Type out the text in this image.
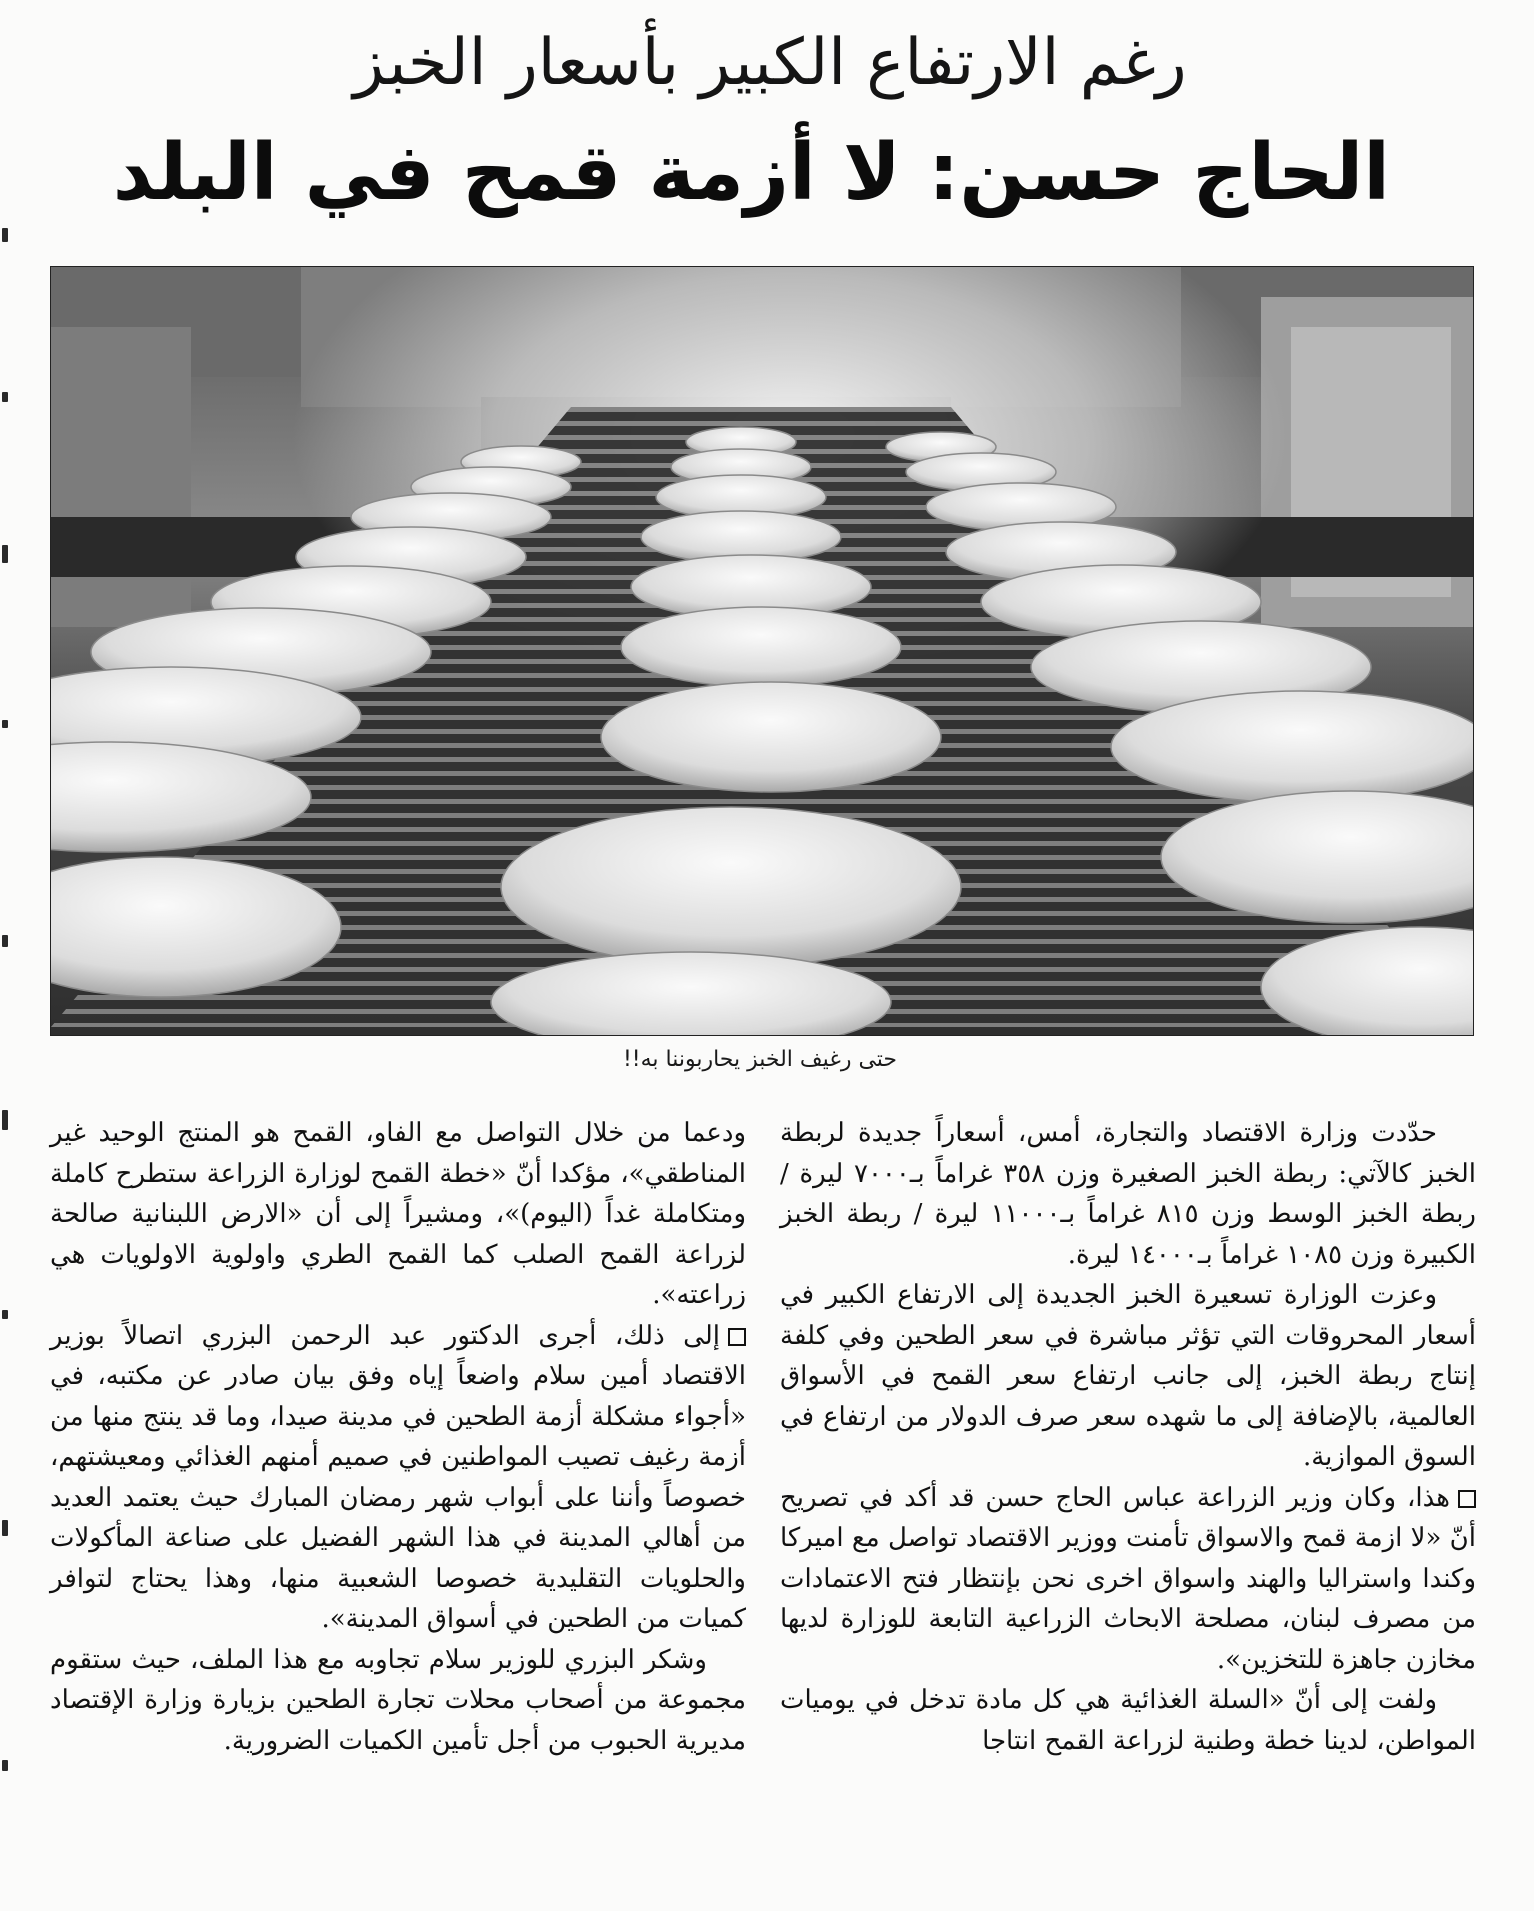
رغم الارتفاع الكبير بأسعار الخبز
الحاج حسن: لا أزمة قمح في البلد
حتى رغيف الخبز يحاربوننا به!!

حدّدت وزارة الاقتصاد والتجارة، أمس، أسعاراً جديدة لربطة الخبز كالآتي: ربطة الخبز الصغيرة وزن ٣٥٨ غراماً بـ٧٠٠٠ ليرة / ربطة الخبز الوسط وزن ٨١٥ غراماً بـ١١٠٠٠ ليرة / ربطة الخبز الكبيرة وزن ١٠٨٥ غراماً بـ١٤٠٠٠ ليرة.

وعزت الوزارة تسعيرة الخبز الجديدة إلى الارتفاع الكبير في أسعار المحروقات التي تؤثر مباشرة في سعر الطحين وفي كلفة إنتاج ربطة الخبز، إلى جانب ارتفاع سعر القمح في الأسواق العالمية، بالإضافة إلى ما شهده سعر صرف الدولار من ارتفاع في السوق الموازية.

هذا، وكان وزير الزراعة عباس الحاج حسن قد أكد في تصريح أنّ «لا ازمة قمح والاسواق تأمنت ووزير الاقتصاد تواصل مع اميركا وكندا واستراليا والهند واسواق اخرى نحن بإنتظار فتح الاعتمادات من مصرف لبنان، مصلحة الابحاث الزراعية التابعة للوزارة لديها مخازن جاهزة للتخزين».

ولفت إلى أنّ «السلة الغذائية هي كل مادة تدخل في يوميات المواطن، لدينا خطة وطنية لزراعة القمح انتاجا

ودعما من خلال التواصل مع الفاو، القمح هو المنتج الوحيد غير المناطقي»، مؤكدا أنّ «خطة القمح لوزارة الزراعة ستطرح كاملة ومتكاملة غداً (اليوم)»، ومشيراً إلى أن «الارض اللبنانية صالحة لزراعة القمح الصلب كما القمح الطري واولوية الاولويات هي زراعته».

إلى ذلك، أجرى الدكتور عبد الرحمن البزري اتصالاً بوزير الاقتصاد أمين سلام واضعاً إياه وفق بيان صادر عن مكتبه، في «أجواء مشكلة أزمة الطحين في مدينة صيدا، وما قد ينتج منها من أزمة رغيف تصيب المواطنين في صميم أمنهم الغذائي ومعيشتهم، خصوصاً وأننا على أبواب شهر رمضان المبارك حيث يعتمد العديد من أهالي المدينة في هذا الشهر الفضيل على صناعة المأكولات والحلويات التقليدية خصوصا الشعبية منها، وهذا يحتاج لتوافر كميات من الطحين في أسواق المدينة».

وشكر البزري للوزير سلام تجاوبه مع هذا الملف، حيث ستقوم مجموعة من أصحاب محلات تجارة الطحين بزيارة وزارة الإقتصاد مديرية الحبوب من أجل تأمين الكميات الضرورية.
